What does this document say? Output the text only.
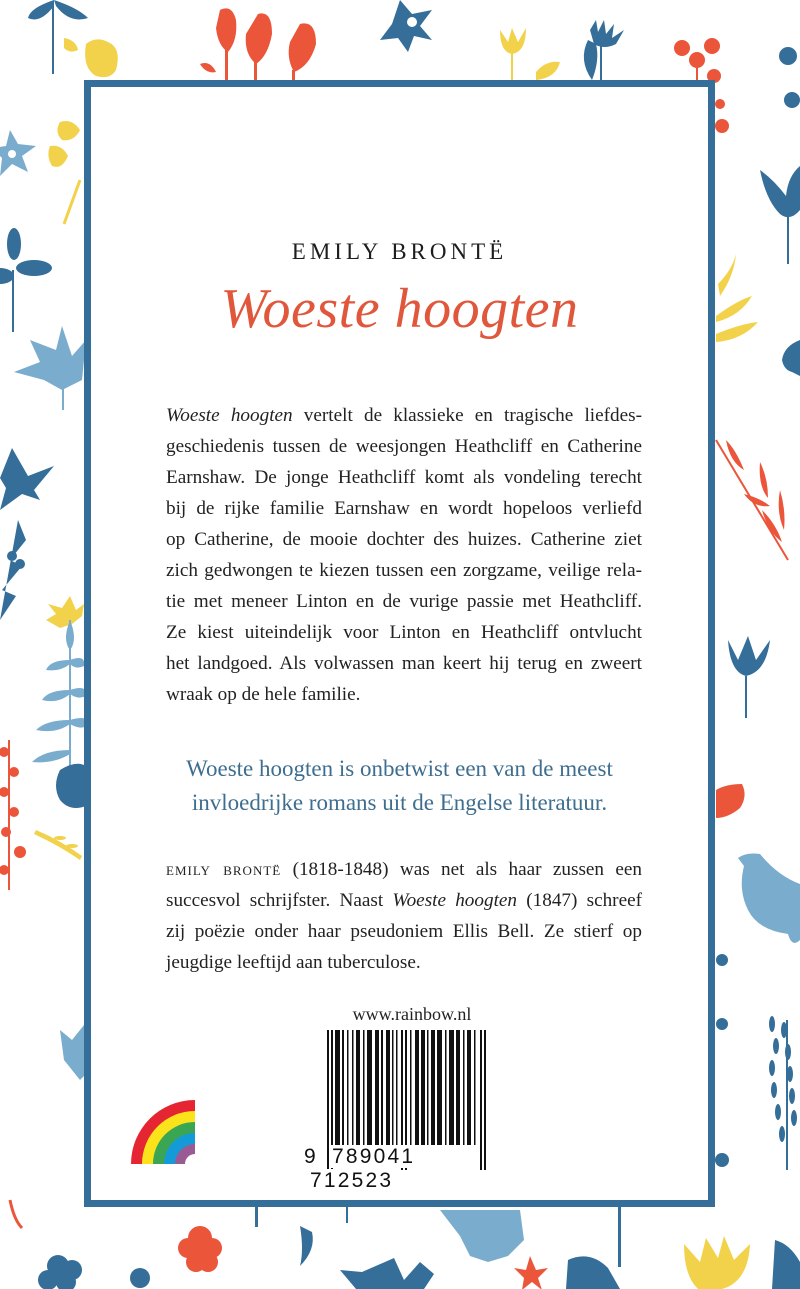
EMILY BRONTË
Woeste hoogten
Woeste hoogten vertelt de klassieke en tragische liefdes-
geschiedenis tussen de weesjongen Heathcliff en Catherine
Earnshaw. De jonge Heathcliff komt als vondeling terecht
bij de rijke familie Earnshaw en wordt hopeloos verliefd
op Catherine, de mooie dochter des huizes. Catherine ziet
zich gedwongen te kiezen tussen een zorgzame, veilige rela-
tie met meneer Linton en de vurige passie met Heathcliff.
Ze kiest uiteindelijk voor Linton en Heathcliff ontvlucht
het landgoed. Als volwassen man keert hij terug en zweert
wraak op de hele familie.
Woeste hoogten is onbetwist een van de meest
invloedrijke romans uit de Engelse literatuur.
emily brontë (1818-1848) was net als haar zussen een
succesvol schrijfster. Naast Woeste hoogten (1847) schreef
zij poëzie onder haar pseudoniem Ellis Bell. Ze stierf op
jeugdige leeftijd aan tuberculose.
www.rainbow.nl
9 789041 712523
